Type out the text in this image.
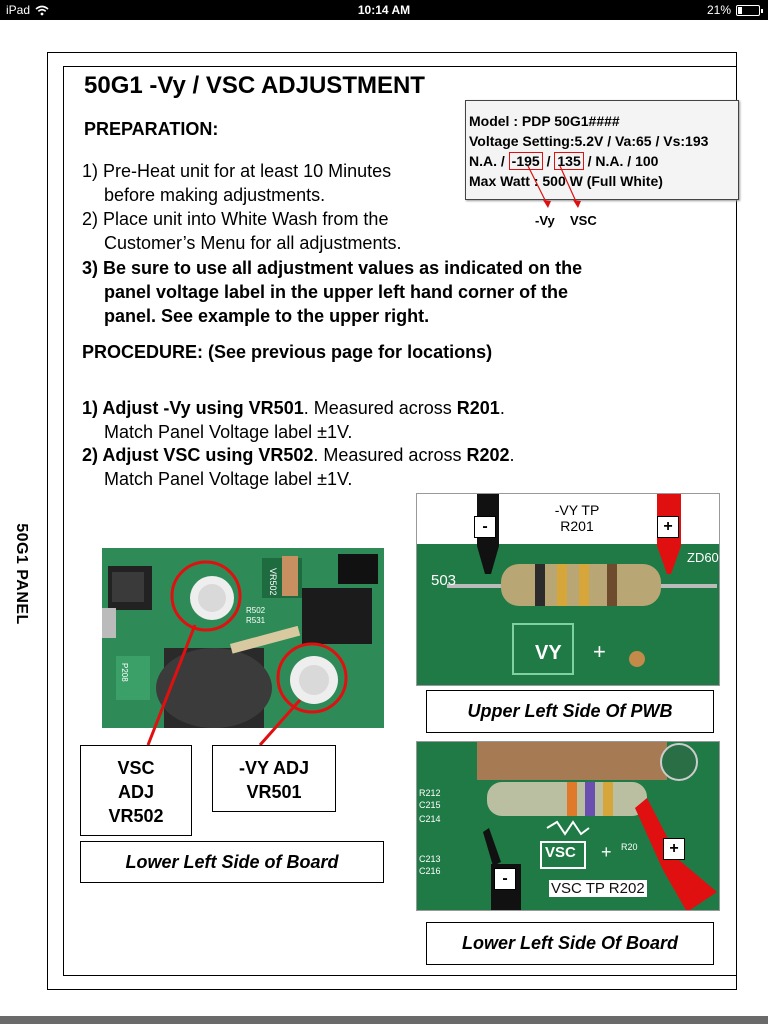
iPad	10:14 AM	21%
50G1 PANEL
50G1 -Vy / VSC ADJUSTMENT
PREPARATION:
1) Pre-Heat unit for at least 10 Minutes
before making adjustments.
2) Place unit into White Wash from the
Customer’s Menu for all adjustments.
3) Be sure to use all adjustment values as indicated on the
panel voltage label in the upper left hand corner of the
panel. See example to the upper right.
Model : PDP 50G1####
Voltage Setting:5.2V / Va:65 / Vs:193
N.A. / -195 / 135 / N.A. / 100
Max Watt : 500 W (Full White)
-Vy VSC
PROCEDURE: (See previous page for locations)
1) Adjust -Vy using VR501. Measured across R201.
Match Panel Voltage label ±1V.
2) Adjust VSC using VR502. Measured across R202.
Match Panel Voltage label ±1V.
VR502
R502
R531
P208
VSC
ADJ
VR502
-VY ADJ
VR501
Lower Left Side of Board
-VY TP
R201
503
ZD60
VY +
-	+
Upper Left Side Of PWB
R212
C215
C214
C213
C216
VSC + R20
VSC TP R202
-
+
Lower Left Side Of Board
